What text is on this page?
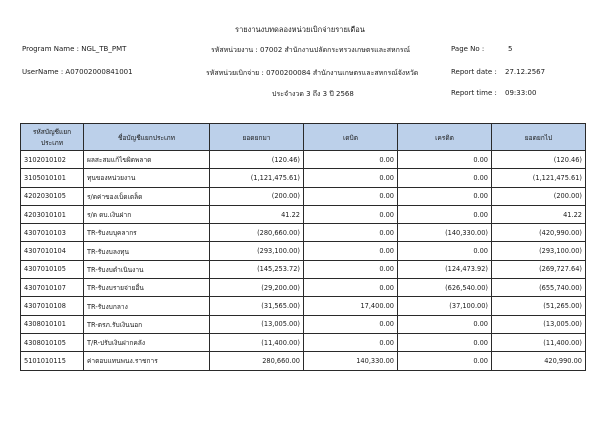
รายงานงบทดลองหน่วยเบิกจ่ายรายเดือน
Program Name : NGL_TB_PMT	รหัสหน่วยงาน : 07002 สำนักงานปลัดกระทรวงเกษตรและสหกรณ์	Page No :	5
UserName : A07002000841001	รหัสหน่วยเบิกจ่าย : 0700200084 สำนักงานเกษตรและสหกรณ์จังหวัด	Report date : 27.12.2567
ประจำงวด 3 ถึง 3 ปี 2568	Report time : 09:33:00
รหัสบัญชีแยกประเภท	ชื่อบัญชีแยกประเภท	ยอดยกมา	เดบิต	เครดิต	ยอดยกไป
3102010102	ผลสะสมแก้ไขผิดพลาด	(120.46)	0.00	0.00	(120.46)
3105010101	ทุนของหน่วยงาน	(1,121,475.61)	0.00	0.00	(1,121,475.61)
4202030105	ร/ดค่าของเบ็ดเตล็ด	(200.00)	0.00	0.00	(200.00)
4203010101	ร/ด ดบ.เงินฝาก	41.22	0.00	0.00	41.22
4307010103	TR-รับงบบุคลากร	(280,660.00)	0.00	(140,330.00)	(420,990.00)
4307010104	TR-รับงบลงทุน	(293,100.00)	0.00	0.00	(293,100.00)
4307010105	TR-รับงบดำเนินงาน	(145,253.72)	0.00	(124,473.92)	(269,727.64)
4307010107	TR-รับงบรายจ่ายอื่น	(29,200.00)	0.00	(626,540.00)	(655,740.00)
4307010108	TR-รับงบกลาง	(31,565.00)	17,400.00	(37,100.00)	(51,265.00)
4308010101	TR-ตรภ.รับเงินนอก	(13,005.00)	0.00	0.00	(13,005.00)
4308010105	T/R-ปรับเงินฝากคลัง	(11,400.00)	0.00	0.00	(11,400.00)
5101010115	ค่าตอบแทนพนง.ราชการ	280,660.00	140,330.00	0.00	420,990.00
